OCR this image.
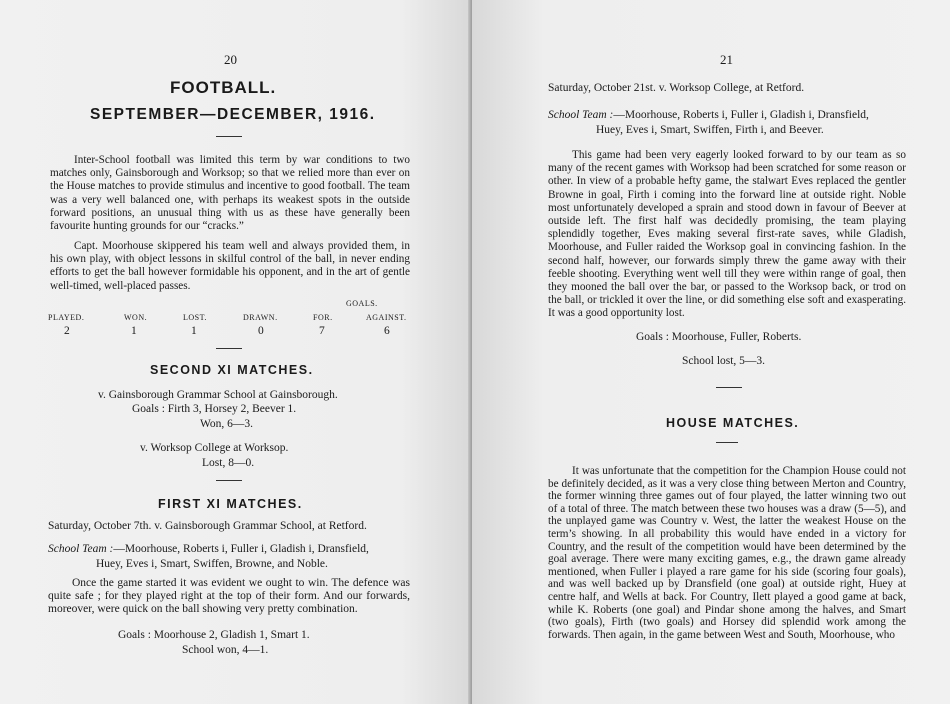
20
FOOTBALL.
SEPTEMBER—DECEMBER, 1916.

Inter-School football was limited this term by war conditions to two matches only, Gainsborough and Worksop; so that we relied more than ever on the House matches to provide stimulus and incentive to good football. The team was a very well balanced one, with perhaps its weakest spots in the outside forward positions, an unusual thing with us as these have generally been favourite hunting grounds for our “cracks.”

Capt. Moorhouse skippered his team well and always provided them, in his own play, with object lessons in skilful control of the ball, in never ending efforts to get the ball however formidable his opponent, and in the art of gentle well-timed, well-placed passes.

GOALS.
PLAYED.	WON.	LOST.	DRAWN.	FOR.	AGAINST.
2	1	1	0	7	6
SECOND XI MATCHES.
v. Gainsborough Grammar School at Gainsborough.
Goals : Firth 3, Horsey 2, Beever 1.
Won, 6—3.
v. Worksop College at Worksop.
Lost, 8—0.
FIRST XI MATCHES.
Saturday, October 7th. v. Gainsborough Grammar School, at Retford.
School Team :—Moorhouse, Roberts i, Fuller i, Gladish i, Dransfield,
Huey, Eves i, Smart, Swiffen, Browne, and Noble.

Once the game started it was evident we ought to win. The defence was quite safe ; for they played right at the top of their form. And our forwards, moreover, were quick on the ball showing very pretty combination.

Goals : Moorhouse 2, Gladish 1, Smart 1.
School won, 4—1.
21
Saturday, October 21st. v. Worksop College, at Retford.
School Team :—Moorhouse, Roberts i, Fuller i, Gladish i, Dransfield,
Huey, Eves i, Smart, Swiffen, Firth i, and Beever.

This game had been very eagerly looked forward to by our team as so many of the recent games with Worksop had been scratched for some reason or other. In view of a probable hefty game, the stalwart Eves replaced the gentler Browne in goal, Firth i coming into the forward line at outside right. Noble most unfortunately developed a sprain and stood down in favour of Beever at outside left. The first half was decidedly promising, the team playing splendidly together, Eves making several first-rate saves, while Gladish, Moorhouse, and Fuller raided the Worksop goal in convincing fashion. In the second half, however, our forwards simply threw the game away with their feeble shooting. Everything went well till they were within range of goal, then they mooned the ball over the bar, or passed to the Worksop back, or trod on the ball, or trickled it over the line, or did something else soft and exasperating. It was a good opportunity lost.

Goals : Moorhouse, Fuller, Roberts.
School lost, 5—3.
HOUSE MATCHES.

It was unfortunate that the competition for the Champion House could not be definitely decided, as it was a very close thing between Merton and Country, the former winning three games out of four played, the latter winning two out of a total of three. The match between these two houses was a draw (5—5), and the unplayed game was Country v. West, the latter the weakest House on the term’s showing. In all probability this would have ended in a victory for Country, and the result of the competition would have been determined by the goal average. There were many exciting games, e.g., the drawn game already mentioned, when Fuller i played a rare game for his side (scoring four goals), and was well backed up by Dransfield (one goal) at outside right, Huey at centre half, and Wells at back. For Country, Ilett played a good game at back, while K. Roberts (one goal) and Pindar shone among the halves, and Smart (two goals), Firth (two goals) and Horsey did splendid work among the forwards. Then again, in the game between West and South, Moorhouse, who
